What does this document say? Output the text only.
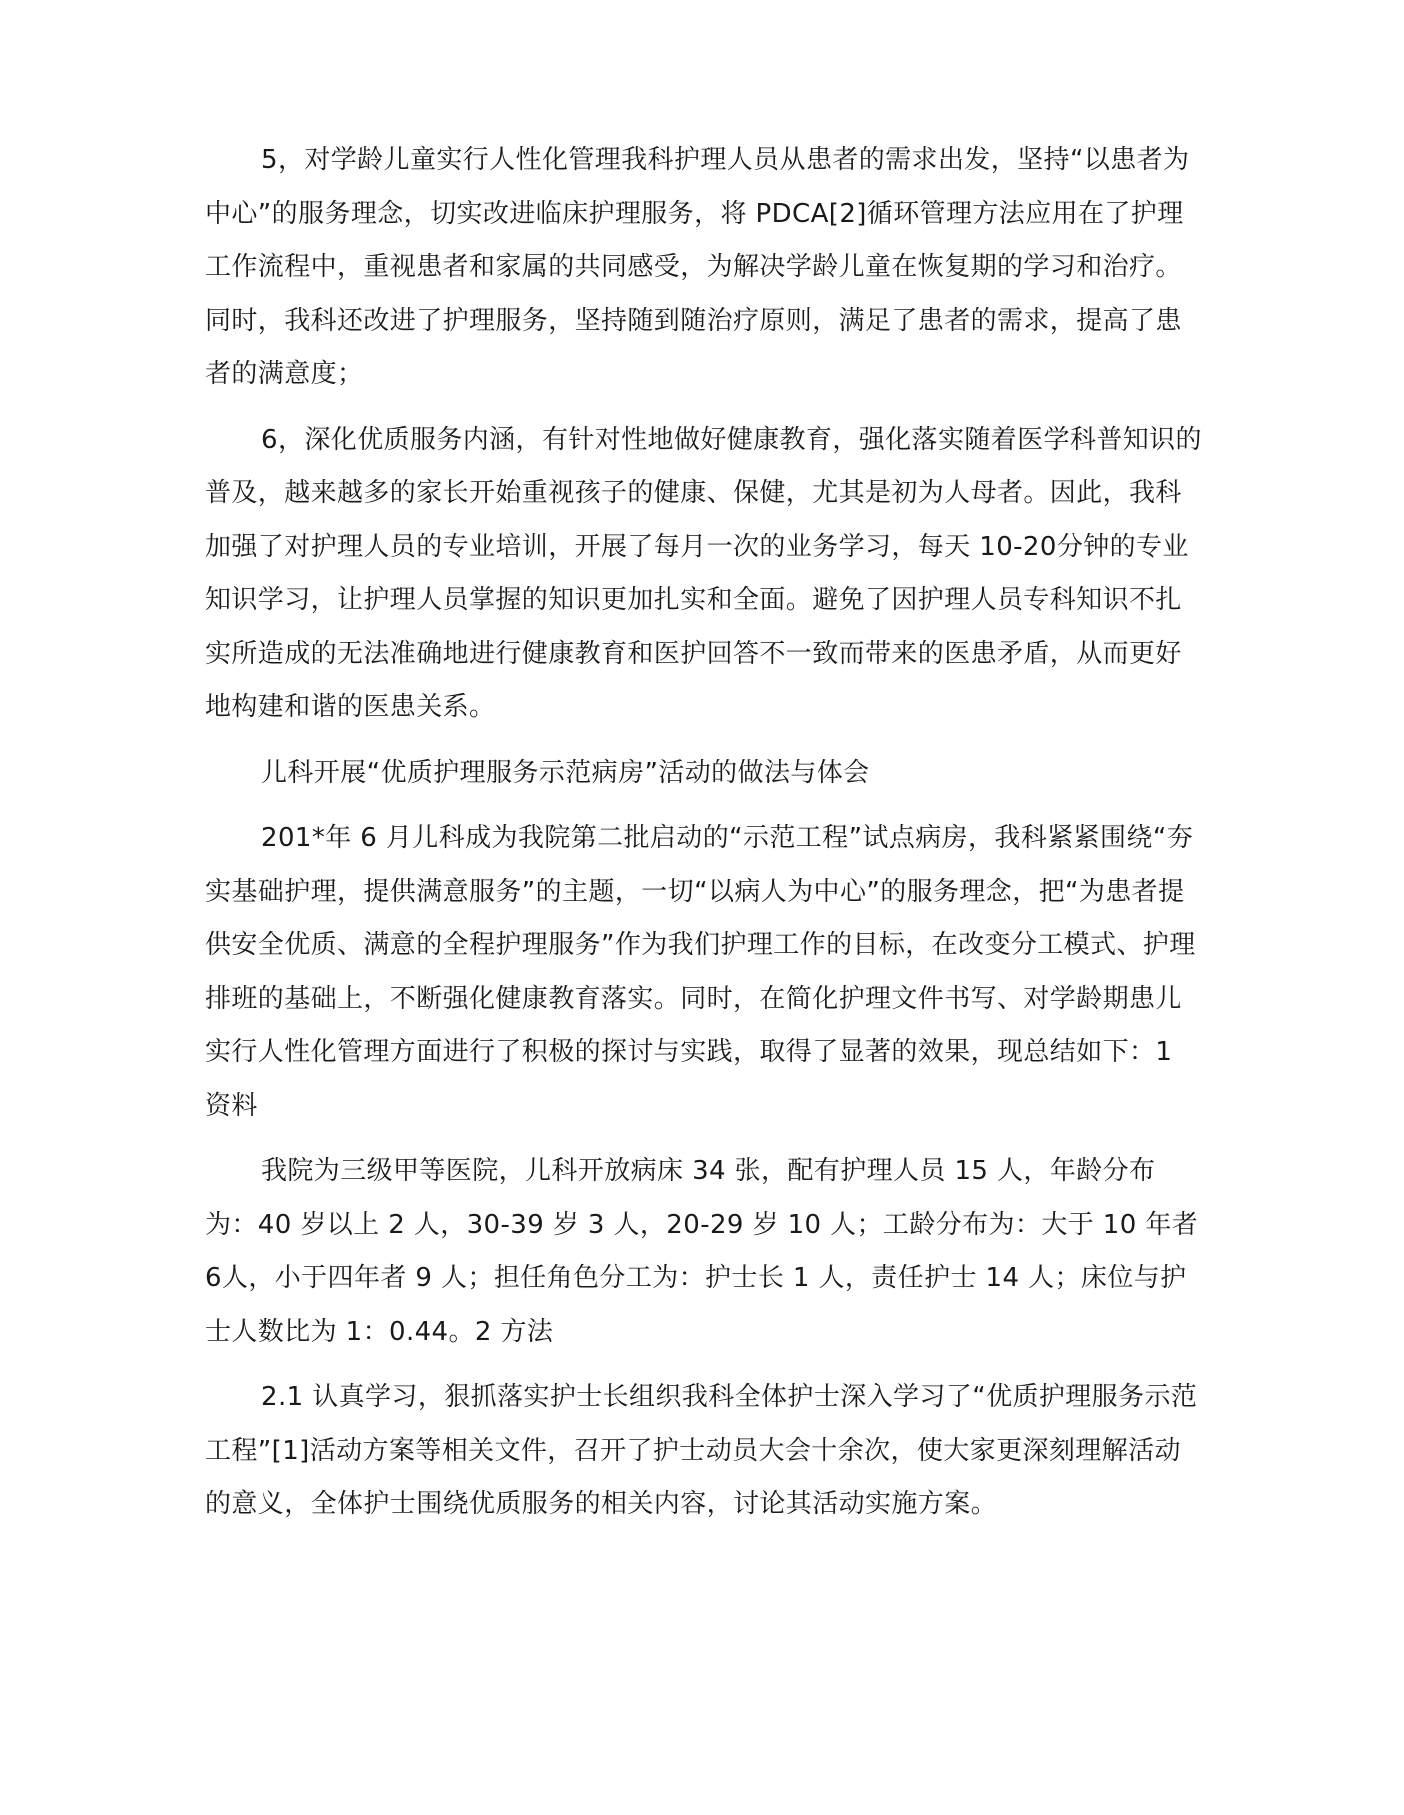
5，对学龄儿童实行人性化管理我科护理人员从患者的需求出发，坚持“以患者为中心”的服务理念，切实改进临床护理服务，将 PDCA[2]循环管理方法应用在了护理工作流程中，重视患者和家属的共同感受，为解决学龄儿童在恢复期的学习和治疗。同时，我科还改进了护理服务，坚持随到随治疗原则，满足了患者的需求，提高了患者的满意度；

6，深化优质服务内涵，有针对性地做好健康教育，强化落实随着医学科普知识的普及，越来越多的家长开始重视孩子的健康、保健，尤其是初为人母者。因此，我科加强了对护理人员的专业培训，开展了每月一次的业务学习，每天 10-20分钟的专业知识学习，让护理人员掌握的知识更加扎实和全面。避免了因护理人员专科知识不扎实所造成的无法准确地进行健康教育和医护回答不一致而带来的医患矛盾，从而更好地构建和谐的医患关系。

儿科开展“优质护理服务示范病房”活动的做法与体会

201*年 6 月儿科成为我院第二批启动的“示范工程”试点病房，我科紧紧围绕“夯实基础护理，提供满意服务”的主题，一切“以病人为中心”的服务理念，把“为患者提供安全优质、满意的全程护理服务”作为我们护理工作的目标，在改变分工模式、护理排班的基础上，不断强化健康教育落实。同时，在简化护理文件书写、对学龄期患儿实行人性化管理方面进行了积极的探讨与实践，取得了显著的效果，现总结如下：1 资料

我院为三级甲等医院，儿科开放病床 34 张，配有护理人员 15 人，年龄分布为：40 岁以上 2 人，30-39 岁 3 人，20-29 岁 10 人；工龄分布为：大于 10 年者 6人，小于四年者 9 人；担任角色分工为：护士长 1 人，责任护士 14 人；床位与护士人数比为 1：0.44。2 方法

2.1 认真学习，狠抓落实护士长组织我科全体护士深入学习了“优质护理服务示范工程”[1]活动方案等相关文件，召开了护士动员大会十余次，使大家更深刻理解活动的意义，全体护士围绕优质服务的相关内容，讨论其活动实施方案。
